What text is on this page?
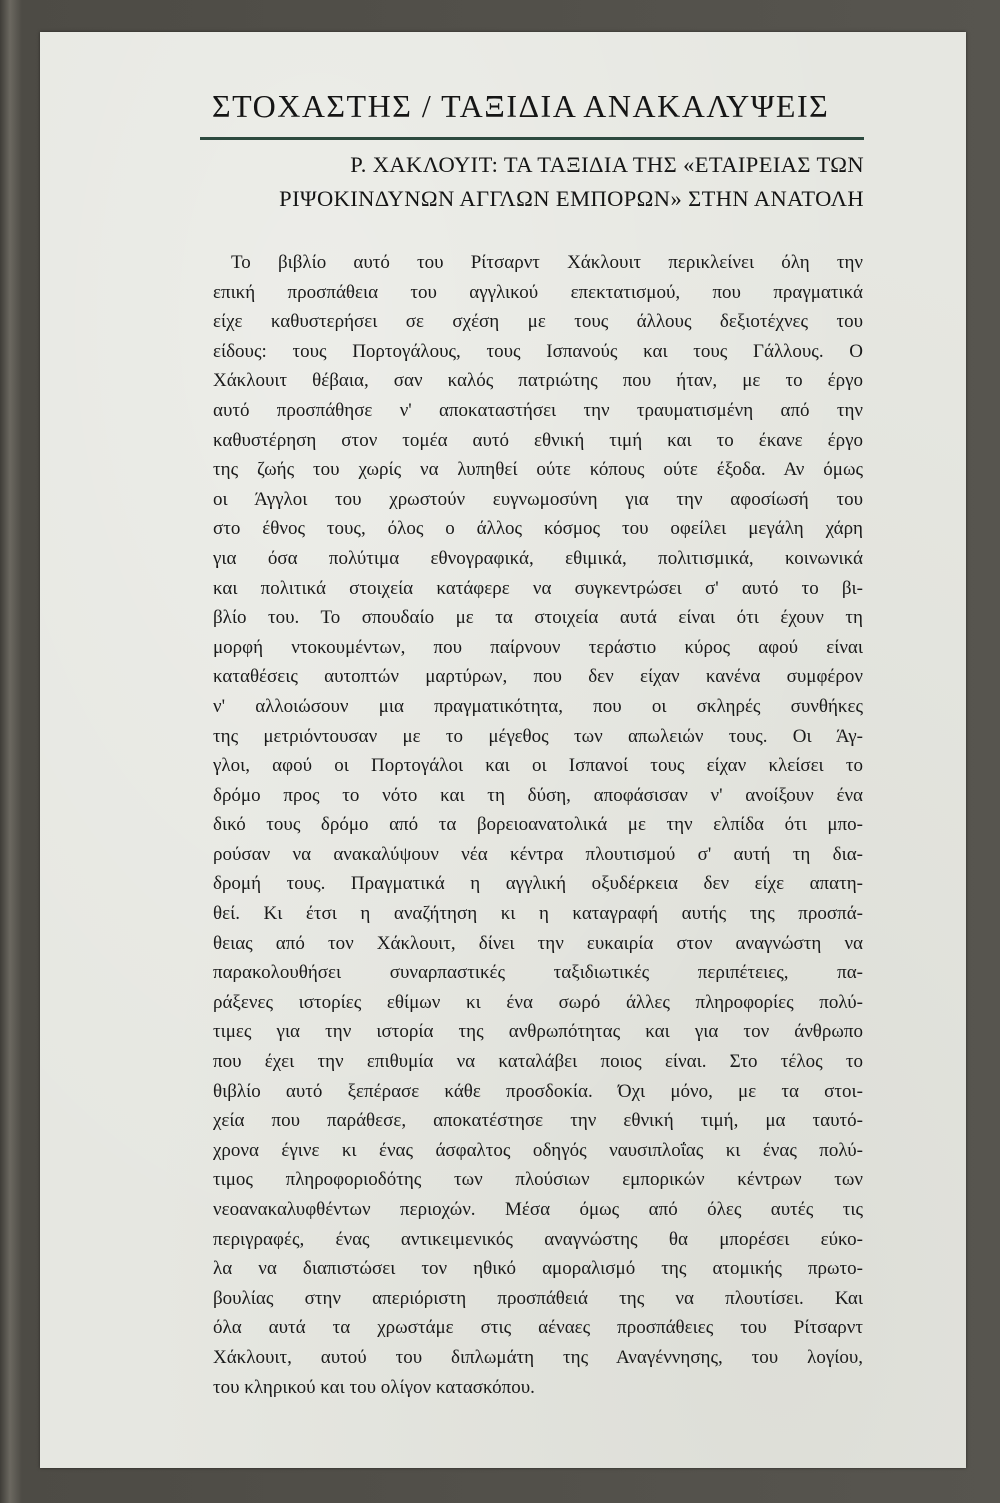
ΣΤΟΧΑΣΤΗΣ / ΤΑΞΙΔΙΑ ΑΝΑΚΑΛΥΨΕΙΣ
Ρ. ΧΑΚΛΟΥΙΤ: ΤΑ ΤΑΞΙΔΙΑ ΤΗΣ «ΕΤΑΙΡΕΙΑΣ ΤΩΝ
ΡΙΨΟΚΙΝΔΥΝΩΝ ΑΓΓΛΩΝ ΕΜΠΟΡΩΝ» ΣΤΗΝ ΑΝΑΤΟΛΗ
Το βιβλίο αυτό του Ρίτσαρντ Χάκλουιτ περικλείνει όλη την
επική προσπάθεια του αγγλικού επεκτατισμού, που πραγματικά
είχε καθυστερήσει σε σχέση με τους άλλους δεξιοτέχνες του
είδους: τους Πορτογάλους, τους Ισπανούς και τους Γάλλους. Ο
Χάκλουιτ θέβαια, σαν καλός πατριώτης που ήταν, με το έργο
αυτό προσπάθησε ν' αποκαταστήσει την τραυματισμένη από την
καθυστέρηση στον τομέα αυτό εθνική τιμή και το έκανε έργο
της ζωής του χωρίς να λυπηθεί ούτε κόπους ούτε έξοδα. Αν όμως
οι Άγγλοι του χρωστούν ευγνωμοσύνη για την αφοσίωσή του
στο έθνος τους, όλος ο άλλος κόσμος του οφείλει μεγάλη χάρη
για όσα πολύτιμα εθνογραφικά, εθιμικά, πολιτισμικά, κοινωνικά
και πολιτικά στοιχεία κατάφερε να συγκεντρώσει σ' αυτό το βι-
βλίο του. Το σπουδαίο με τα στοιχεία αυτά είναι ότι έχουν τη
μορφή ντοκουμέντων, που παίρνουν τεράστιο κύρος αφού είναι
καταθέσεις αυτοπτών μαρτύρων, που δεν είχαν κανένα συμφέρον
ν' αλλοιώσουν μια πραγματικότητα, που οι σκληρές συνθήκες
της μετριόντουσαν με το μέγεθος των απωλειών τους. Οι Άγ-
γλοι, αφού οι Πορτογάλοι και οι Ισπανοί τους είχαν κλείσει το
δρόμο προς το νότο και τη δύση, αποφάσισαν ν' ανοίξουν ένα
δικό τους δρόμο από τα βορειοανατολικά με την ελπίδα ότι μπο-
ρούσαν να ανακαλύψουν νέα κέντρα πλουτισμού σ' αυτή τη δια-
δρομή τους. Πραγματικά η αγγλική οξυδέρκεια δεν είχε απατη-
θεί. Κι έτσι η αναζήτηση κι η καταγραφή αυτής της προσπά-
θειας από τον Χάκλουιτ, δίνει την ευκαιρία στον αναγνώστη να
παρακολουθήσει συναρπαστικές ταξιδιωτικές περιπέτειες, πα-
ράξενες ιστορίες εθίμων κι ένα σωρό άλλες πληροφορίες πολύ-
τιμες για την ιστορία της ανθρωπότητας και για τον άνθρωπο
που έχει την επιθυμία να καταλάβει ποιος είναι. Στο τέλος το
θιβλίο αυτό ξεπέρασε κάθε προσδοκία. Όχι μόνο, με τα στοι-
χεία που παράθεσε, αποκατέστησε την εθνική τιμή, μα ταυτό-
χρονα έγινε κι ένας άσφαλτος οδηγός ναυσιπλοΐας κι ένας πολύ-
τιμος πληροφοριοδότης των πλούσιων εμπορικών κέντρων των
νεοανακαλυφθέντων περιοχών. Μέσα όμως από όλες αυτές τις
περιγραφές, ένας αντικειμενικός αναγνώστης θα μπορέσει εύκο-
λα να διαπιστώσει τον ηθικό αμοραλισμό της ατομικής πρωτο-
βουλίας στην απεριόριστη προσπάθειά της να πλουτίσει. Και
όλα αυτά τα χρωστάμε στις αέναες προσπάθειες του Ρίτσαρντ
Χάκλουιτ, αυτού του διπλωμάτη της Αναγέννησης, του λογίου,
του κληρικού και του ολίγον κατασκόπου.
